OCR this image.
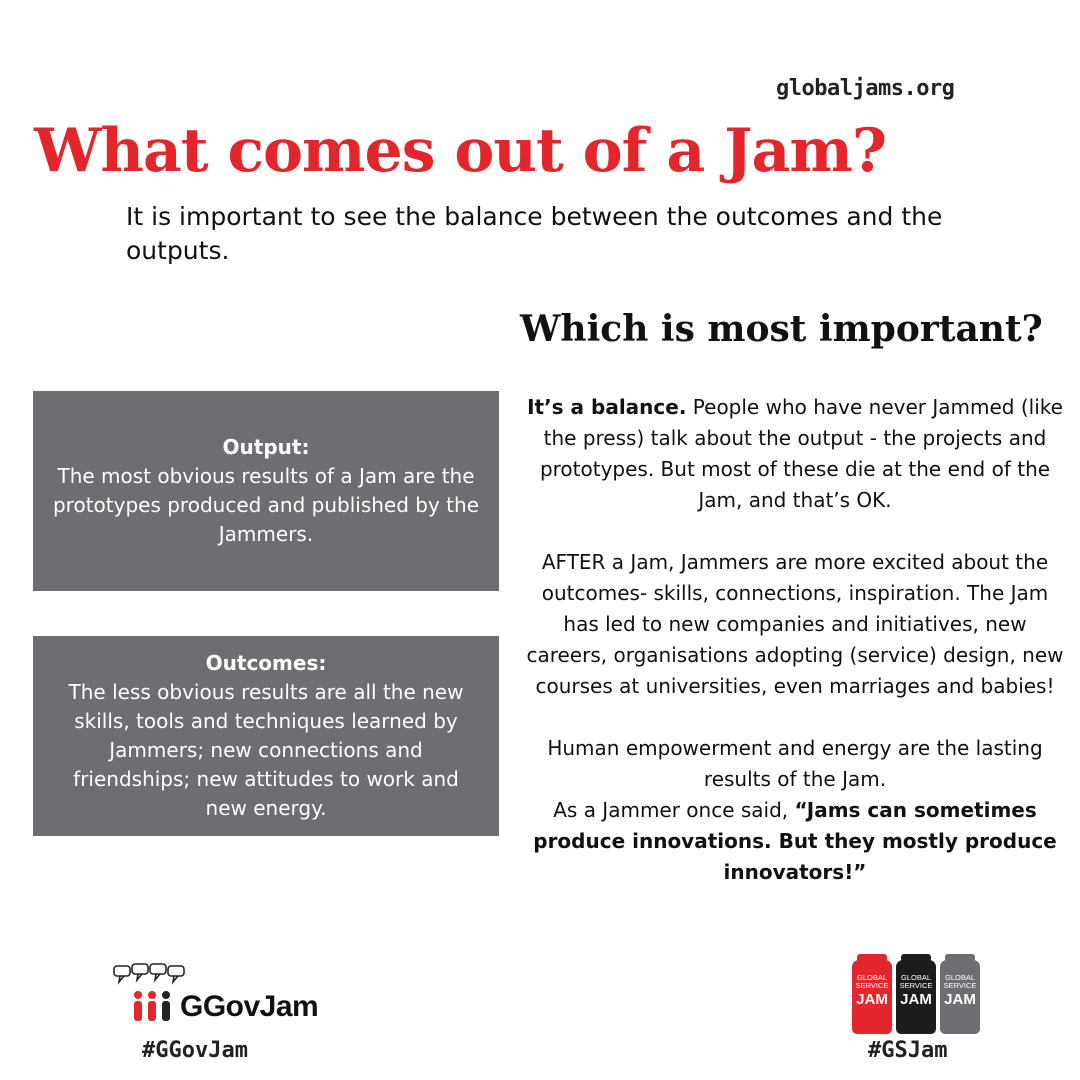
globaljams.org
What comes out of a Jam?
It is important to see the balance between the outcomes and the outputs.
Which is most important?
Output:
The most obvious results of a Jam are the prototypes produced and published by the Jammers.
Outcomes:
The less obvious results are all the new skills, tools and techniques learned by Jammers; new connections and friendships; new attitudes to work and new energy.

It’s a balance. People who have never Jammed (like the press) talk about the output - the projects and prototypes. But most of these die at the end of the Jam, and that’s OK.

AFTER a Jam, Jammers are more excited about the outcomes- skills, connections, inspiration. The Jam has led to new companies and initiatives, new careers, organisations adopting (service) design, new courses at universities, even marriages and babies!

Human empowerment and energy are the lasting results of the Jam.
As a Jammer once said, “Jams can sometimes produce innovations. But they mostly produce innovators!”

GGovJam
#GGovJam
GLOBAL
SERVICE
JAM
GLOBAL
SERVICE
JAM
GLOBAL
SERVICE
JAM
#GSJam
